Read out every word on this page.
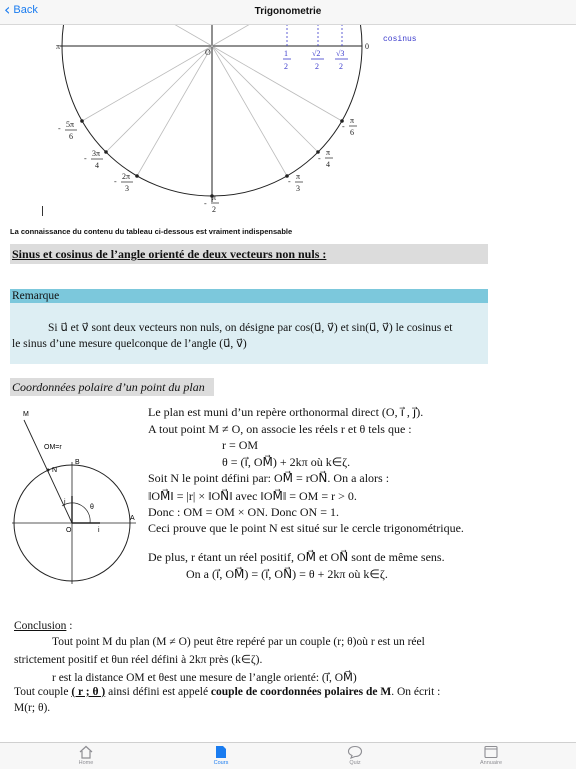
‹ Back	Trigonometrie
π
O
0
cosinus
1
2
√2
2
√3
2
- 5π
6
-
3π
4
-
2π
3
-
π
2
-
π
3
-
π
4
-
π
6
La connaissance du contenu du tableau ci-dessous est vraiment indispensable
Sinus et cosinus de l’angle orienté de deux vecteurs non nuls :
Remarque
Si u⃗ et v⃗ sont deux vecteurs non nuls, on désigne par cos(u⃗, v⃗) et sin(u⃗, v⃗) le cosinus et
le sinus d’une mesure quelconque de l’angle (u⃗, v⃗)
Coordonnées polaire d’un point du plan
M
OM=r
N
B
θ
O
A
i
j
Le plan est muni d’un repère orthonormal direct (O, i⃗ , j⃗).
A tout point M ≠ O, on associe les réels r et θ tels que :
r = OM
θ = (i⃗, OM⃗) + 2kπ où k∈ζ.
Soit N le point défini par: OM⃗ = rON⃗. On a alors :
‖OM⃗‖ = |r| × ‖ON⃗‖ avec ‖OM⃗‖ = OM = r > 0.
Donc : OM = OM × ON. Donc ON = 1.
Ceci prouve que le point N est situé sur le cercle trigonométrique.
De plus, r étant un réel positif, OM⃗ et ON⃗ sont de même sens.
On a (i⃗, OM⃗) = (i⃗, ON⃗) = θ + 2kπ où k∈ζ.
Conclusion :
Tout point M du plan (M ≠ O) peut être repéré par un couple (r; θ)où r est un réel
strictement positif et θun réel défini à 2kπ près (k∈ζ).
r est la distance OM et θest une mesure de l’angle orienté: (i⃗, OM⃗)
Tout couple ( r ; θ ) ainsi défini est appelé couple de coordonnées polaires de M. On écrit :
M(r; θ).
Home	Cours	Quiz	Annuaire
